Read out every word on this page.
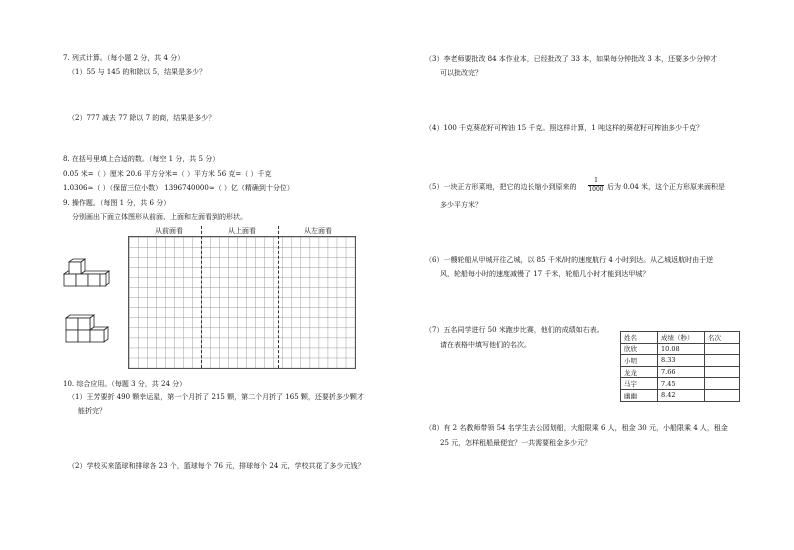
7. 列式计算。（每小题 2 分，共 4 分）
（1）55 与 145 的和除以 5，结果是多少？
（2）777 减去 77 除以 7 的商，结果是多少？
8. 在括号里填上合适的数。（每空 1 分，共 5 分）
0.05 米=（ ）厘米 20.6 平方分米=（ ）平方米 56 克=（ ）千克
1.0306≈（ ）（保留三位小数） 1396740000≈（ ）亿（精确到十分位）
9. 操作题。（每图 1 分，共 6 分）
分别画出下面立体图形从前面、上面和左面看到的形状。
从前面看	从上面看	从左面看
10. 综合应用。（每题 3 分，共 24 分）
（1）王芳要折 490 颗幸运星，第一个月折了 215 颗，第二个月折了 165 颗，还要折多少颗才
能折完？
（2）学校买来篮球和排球各 23 个，篮球每个 76 元，排球每个 24 元，学校共花了多少元钱？
（3）李老师要批改 84 本作业本，已经批改了 33 本，如果每分钟批改 3 本，还要多少分钟才
可以批改完？
（4）100 千克葵花籽可榨油 15 千克。照这样计算，1 吨这样的葵花籽可榨油多少千克？
（5）一块正方形菜地，把它的边长缩小到原来的
1
1000 后为 0.04 米，这个正方形原来面积是
多少平方米？
（6）一艘轮船从甲城开往乙城，以 85 千米/时的速度航行 4 小时到达。从乙城返航时由于逆
风，轮船每小时的速度减慢了 17 千米，轮船几小时才能到达甲城？
（7）五名同学进行 50 米跑步比赛，他们的成绩如右表。
请在表格中填写他们的名次。
姓名	成绩（秒）	名次
欣欣	10.08	
小明	8.33	
龙龙	7.66	
马宇	7.45	
幽幽	8.42	
（8）有 2 名教师带领 54 名学生去公园划船，大船限乘 6 人，租金 30 元，小船限乘 4 人，租金
25 元，怎样租船最便宜？一共需要租金多少元？
